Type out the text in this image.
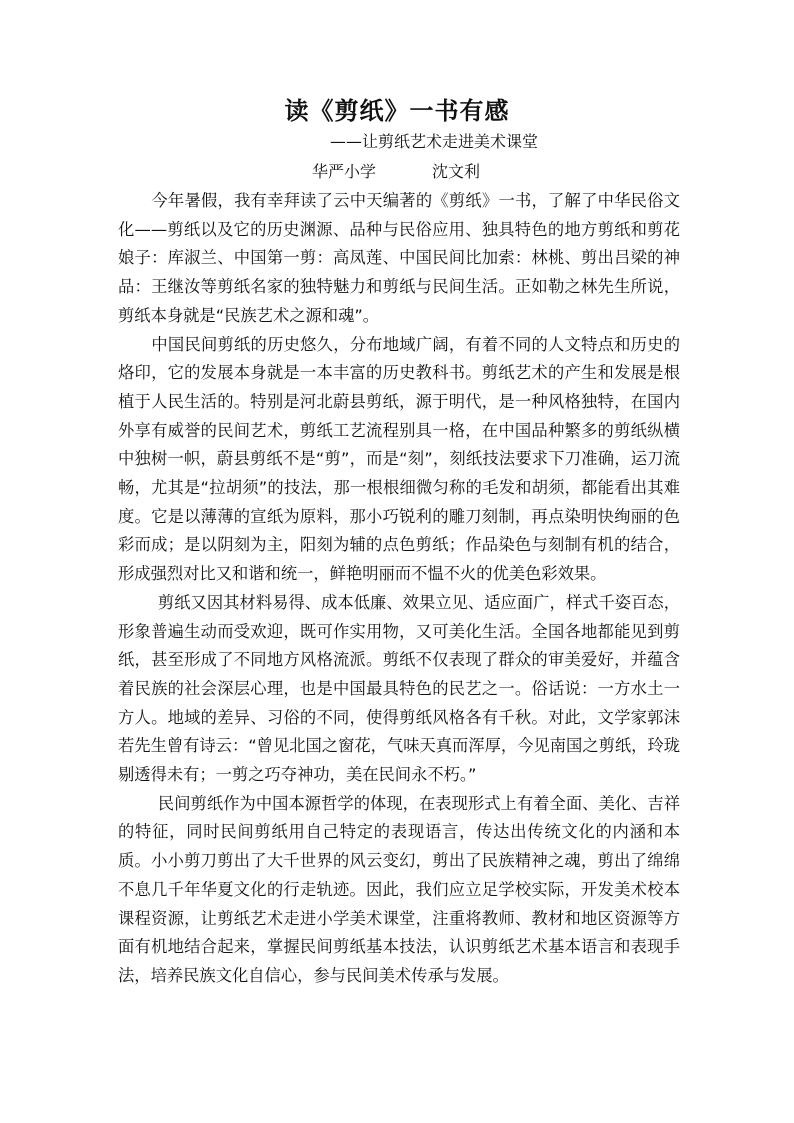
读《剪纸》一书有感

——让剪纸艺术走进美术课堂

华严小学	沈文利

今年暑假，我有幸拜读了云中天编著的《剪纸》一书，了解了中华民俗文化——剪纸以及它的历史渊源、品种与民俗应用、独具特色的地方剪纸和剪花娘子：库淑兰、中国第一剪：高凤莲、中国民间比加索：林桃、剪出吕梁的神品：王继汝等剪纸名家的独特魅力和剪纸与民间生活。正如勒之林先生所说，剪纸本身就是“民族艺术之源和魂”。

中国民间剪纸的历史悠久，分布地域广阔，有着不同的人文特点和历史的烙印，它的发展本身就是一本丰富的历史教科书。剪纸艺术的产生和发展是根植于人民生活的。特别是河北蔚县剪纸，源于明代，是一种风格独特，在国内外享有威誉的民间艺术，剪纸工艺流程别具一格，在中国品种繁多的剪纸纵横中独树一帜，蔚县剪纸不是“剪”，而是“刻”，刻纸技法要求下刀准确，运刀流畅，尤其是“拉胡须”的技法，那一根根细微匀称的毛发和胡须，都能看出其难度。它是以薄薄的宣纸为原料，那小巧锐利的雕刀刻制，再点染明快绚丽的色彩而成；是以阴刻为主，阳刻为辅的点色剪纸；作品染色与刻制有机的结合，形成强烈对比又和谐和统一，鲜艳明丽而不愠不火的优美色彩效果。

剪纸又因其材料易得、成本低廉、效果立见、适应面广，样式千姿百态，形象普遍生动而受欢迎，既可作实用物，又可美化生活。全国各地都能见到剪纸，甚至形成了不同地方风格流派。剪纸不仅表现了群众的审美爱好，并蕴含着民族的社会深层心理，也是中国最具特色的民艺之一。俗话说：一方水土一方人。地域的差异、习俗的不同，使得剪纸风格各有千秋。对此，文学家郭沫若先生曾有诗云：“曾见北国之窗花，气味天真而浑厚，今见南国之剪纸，玲珑剔透得未有；一剪之巧夺神功，美在民间永不朽。”

民间剪纸作为中国本源哲学的体现，在表现形式上有着全面、美化、吉祥的特征，同时民间剪纸用自己特定的表现语言，传达出传统文化的内涵和本质。小小剪刀剪出了大千世界的风云变幻，剪出了民族精神之魂，剪出了绵绵不息几千年华夏文化的行走轨迹。因此，我们应立足学校实际，开发美术校本课程资源，让剪纸艺术走进小学美术课堂，注重将教师、教材和地区资源等方面有机地结合起来，掌握民间剪纸基本技法，认识剪纸艺术基本语言和表现手法，培养民族文化自信心，参与民间美术传承与发展。
